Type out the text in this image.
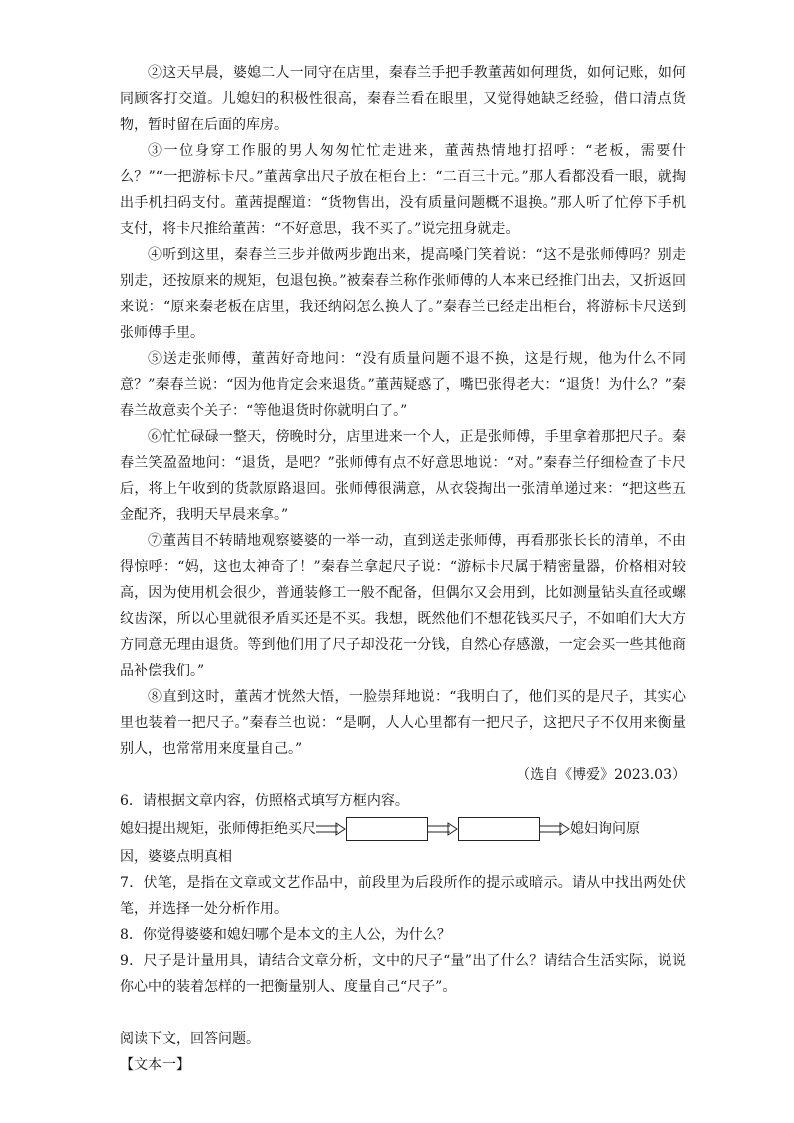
②这天早晨，婆媳二人一同守在店里，秦春兰手把手教董茜如何理货，如何记账，如何同顾客打交道。儿媳妇的积极性很高，秦春兰看在眼里，又觉得她缺乏经验，借口清点货物，暂时留在后面的库房。

③一位身穿工作服的男人匆匆忙忙走进来，董茜热情地打招呼：“老板，需要什么？”“一把游标卡尺。”董茜拿出尺子放在柜台上：“二百三十元。”那人看都没看一眼，就掏出手机扫码支付。董茜提醒道：“货物售出，没有质量问题概不退换。”那人听了忙停下手机支付，将卡尺推给董茜：“不好意思，我不买了。”说完扭身就走。

④听到这里，秦春兰三步并做两步跑出来，提高嗓门笑着说：“这不是张师傅吗？别走别走，还按原来的规矩，包退包换。”被秦春兰称作张师傅的人本来已经推门出去，又折返回来说：“原来秦老板在店里，我还纳闷怎么换人了。”秦春兰已经走出柜台，将游标卡尺送到张师傅手里。

⑤送走张师傅，董茜好奇地问：“没有质量问题不退不换，这是行规，他为什么不同意？”秦春兰说：“因为他肯定会来退货。”董茜疑惑了，嘴巴张得老大：“退货！为什么？”秦春兰故意卖个关子：“等他退货时你就明白了。”

⑥忙忙碌碌一整天，傍晚时分，店里进来一个人，正是张师傅，手里拿着那把尺子。秦春兰笑盈盈地问：“退货，是吧？”张师傅有点不好意思地说：“对。”秦春兰仔细检查了卡尺后，将上午收到的货款原路退回。张师傅很满意，从衣袋掏出一张清单递过来：“把这些五金配齐，我明天早晨来拿。”

⑦董茜目不转睛地观察婆婆的一举一动，直到送走张师傅，再看那张长长的清单，不由得惊呼：“妈，这也太神奇了！”秦春兰拿起尺子说：“游标卡尺属于精密量器，价格相对较高，因为使用机会很少，普通装修工一般不配备，但偶尔又会用到，比如测量钻头直径或螺纹齿深，所以心里就很矛盾买还是不买。我想，既然他们不想花钱买尺子，不如咱们大大方方同意无理由退货。等到他们用了尺子却没花一分钱，自然心存感激，一定会买一些其他商品补偿我们。”

⑧直到这时，董茜才恍然大悟，一脸崇拜地说：“我明白了，他们买的是尺子，其实心里也装着一把尺子。”秦春兰也说：“是啊，人人心里都有一把尺子，这把尺子不仅用来衡量别人，也常常用来度量自己。”

（选自《博爱》2023.03）

6．请根据文章内容，仿照格式填写方框内容。

媳妇提出规矩，张师傅拒绝买尺	媳妇询问原

因，婆婆点明真相

7．伏笔，是指在文章或文艺作品中，前段里为后段所作的提示或暗示。请从中找出两处伏笔，并选择一处分析作用。

8．你觉得婆婆和媳妇哪个是本文的主人公，为什么？

9．尺子是计量用具，请结合文章分析，文中的尺子“量”出了什么？请结合生活实际，说说你心中的装着怎样的一把衡量别人、度量自己“尺子”。

阅读下文，回答问题。

【文本一】
